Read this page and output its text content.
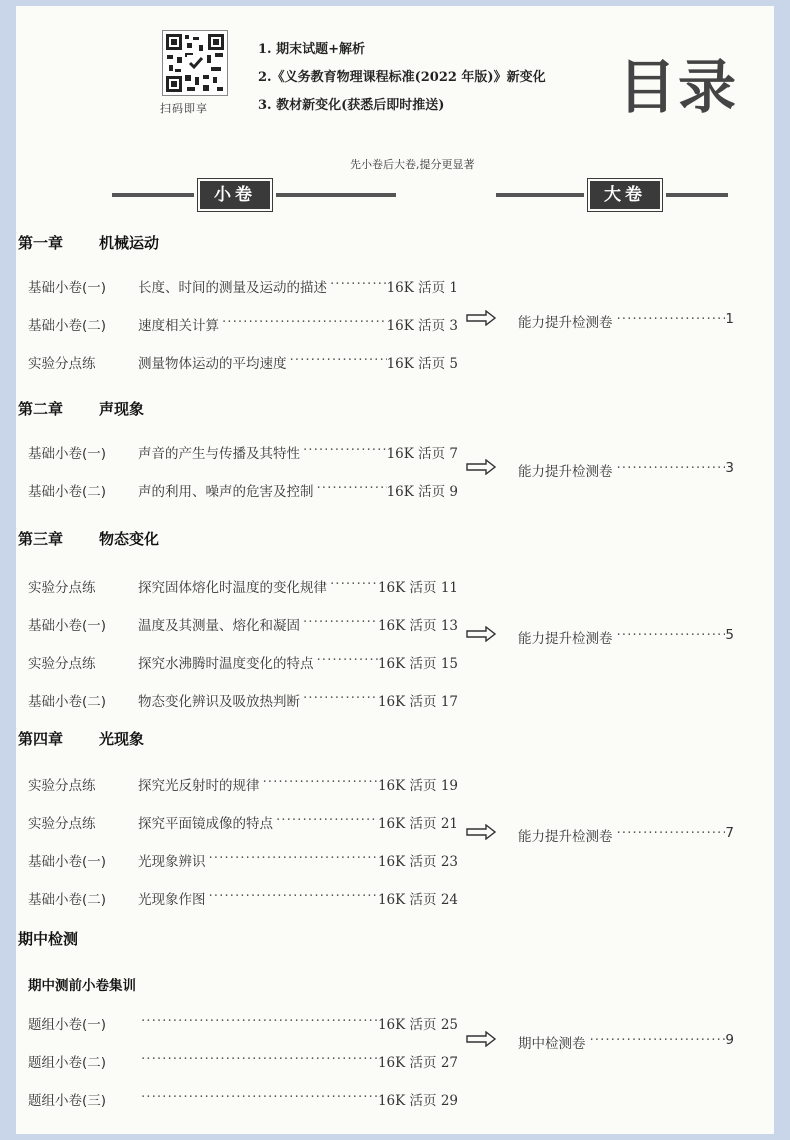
扫码即享
1. 期末试题+解析
2.《义务教育物理课程标准(2022 年版)》新变化
3. 教材新变化(获悉后即时推送)	目录
先小卷后大卷,提分更显著
小卷	大卷
第一章 机械运动
基础小卷(一)	长度、时间的测量及运动的描述 ·····	16K 活页 1
基础小卷(二)	速度相关计算 ·····	16K 活页 3
实验分点练	测量物体运动的平均速度 ·····	16K 活页 5
能力提升检测卷 ·····	1
第二章 声现象
基础小卷(一)	声音的产生与传播及其特性 ·····	16K 活页 7
基础小卷(二)	声的利用、噪声的危害及控制 ·····	16K 活页 9
能力提升检测卷 ·····	3
第三章 物态变化
实验分点练	探究固体熔化时温度的变化规律 ·····	16K 活页 11
基础小卷(一)	温度及其测量、熔化和凝固 ·····	16K 活页 13
实验分点练	探究水沸腾时温度变化的特点 ·····	16K 活页 15
基础小卷(二)	物态变化辨识及吸放热判断 ·····	16K 活页 17
能力提升检测卷 ·····	5
第四章 光现象
实验分点练	探究光反射时的规律 ·····	16K 活页 19
实验分点练	探究平面镜成像的特点 ·····	16K 活页 21
基础小卷(一)	光现象辨识 ·····	16K 活页 23
基础小卷(二)	光现象作图 ·····	16K 活页 24
能力提升检测卷 ·····	7
期中检测
期中测前小卷集训
题组小卷(一) ·····	16K 活页 25
题组小卷(二) ·····	16K 活页 27
题组小卷(三) ·····	16K 活页 29
期中检测卷 ·····	9
